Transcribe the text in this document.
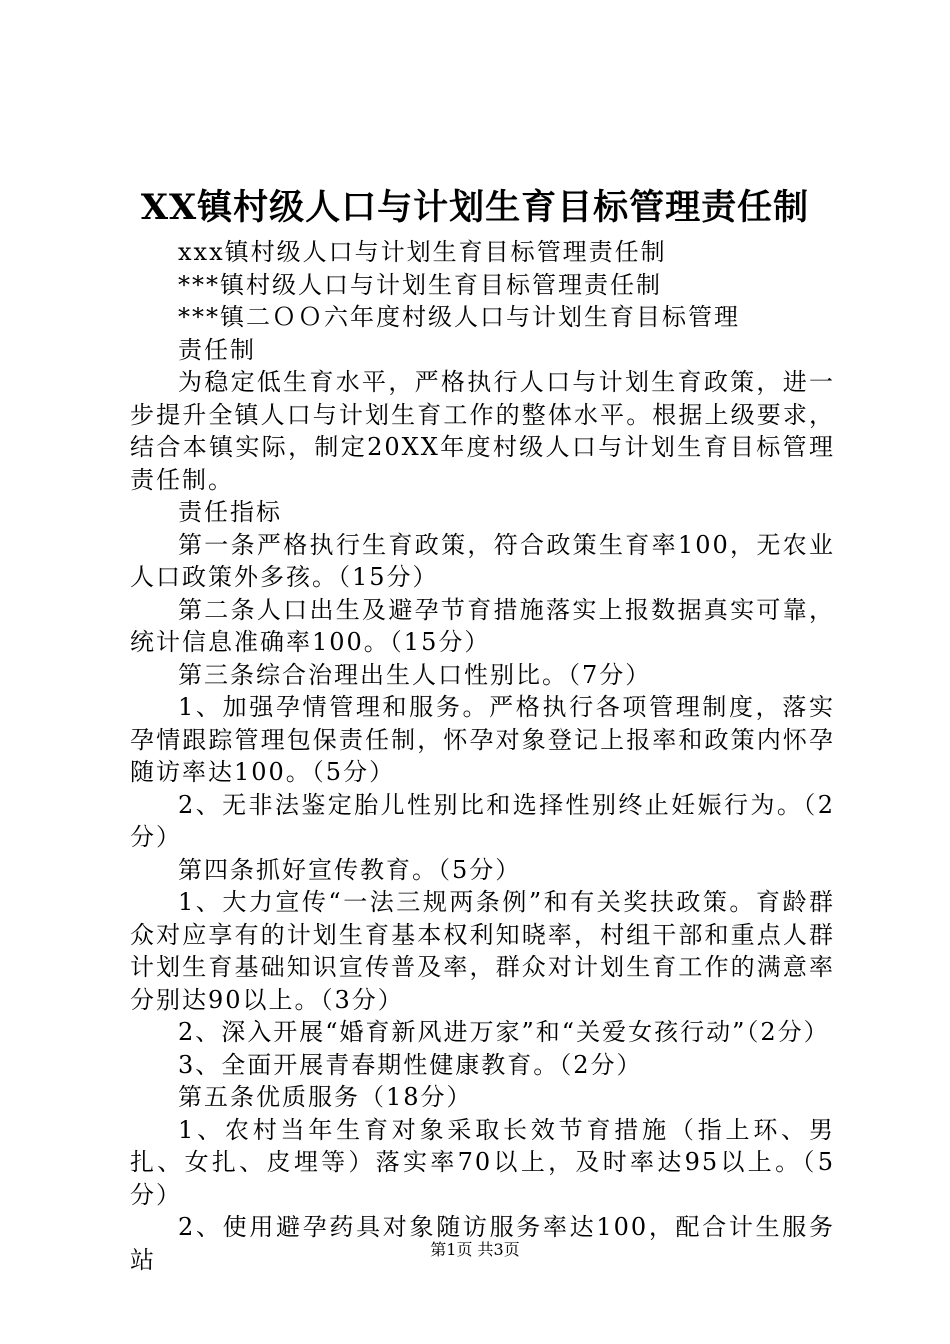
XX镇村级人口与计划生育目标管理责任制

xxx镇村级人口与计划生育目标管理责任制

***镇村级人口与计划生育目标管理责任制

***镇二ＯＯ六年度村级人口与计划生育目标管理

责任制

为稳定低生育水平，严格执行人口与计划生育政策，进一步提升全镇人口与计划生育工作的整体水平。根据上级要求，结合本镇实际，制定20XX年度村级人口与计划生育目标管理责任制。

责任指标

第一条严格执行生育政策，符合政策生育率100，无农业人口政策外多孩。（15分）

第二条人口出生及避孕节育措施落实上报数据真实可靠，统计信息准确率100。（15分）

第三条综合治理出生人口性别比。（7分）

1、加强孕情管理和服务。严格执行各项管理制度，落实孕情跟踪管理包保责任制，怀孕对象登记上报率和政策内怀孕随访率达100。（5分）

2、无非法鉴定胎儿性别比和选择性别终止妊娠行为。（2分）

第四条抓好宣传教育。（5分）

1、大力宣传“一法三规两条例”和有关奖扶政策。育龄群众对应享有的计划生育基本权利知晓率，村组干部和重点人群计划生育基础知识宣传普及率，群众对计划生育工作的满意率分别达90以上。（3分）

2、深入开展“婚育新风进万家”和“关爱女孩行动”（2分）

3、全面开展青春期性健康教育。（2分）

第五条优质服务（18分）

1、农村当年生育对象采取长效节育措施（指上环、男扎、女扎、皮埋等）落实率70以上，及时率达95以上。（5分）

2、使用避孕药具对象随访服务率达100，配合计生服务站	第1页 共3页
